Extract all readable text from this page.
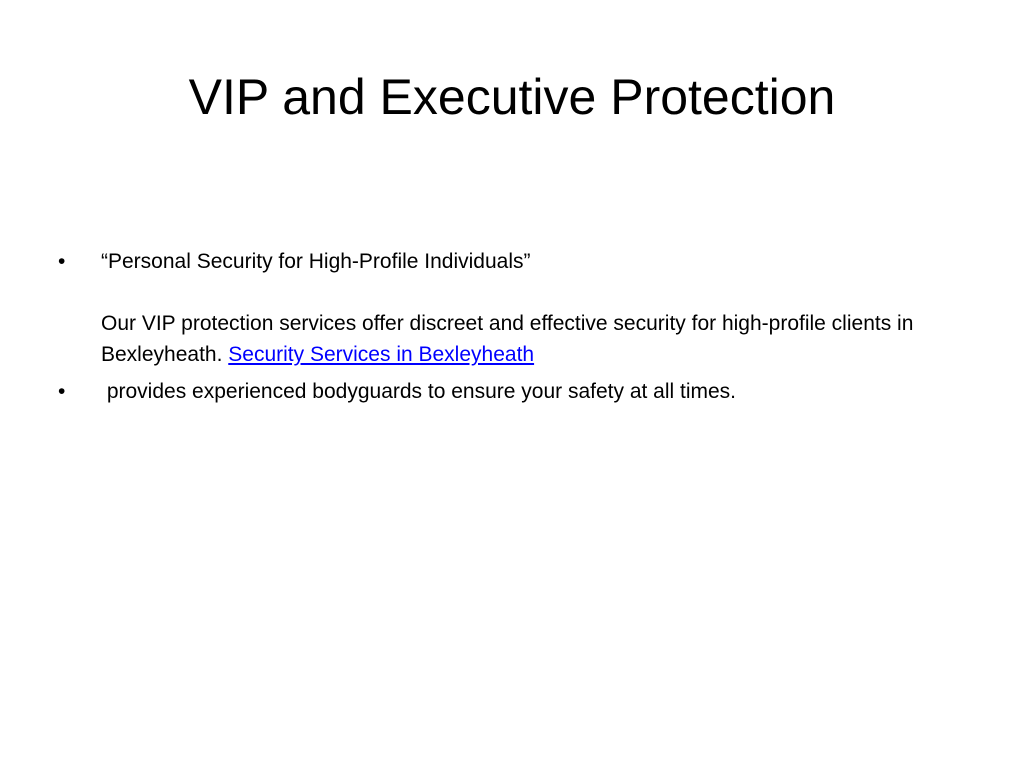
VIP and Executive Protection
•	“Personal Security for High-Profile Individuals”
Our VIP protection services offer discreet and effective security for high-profile clients in Bexleyheath. Security Services in Bexleyheath
•	provides experienced bodyguards to ensure your safety at all times.
